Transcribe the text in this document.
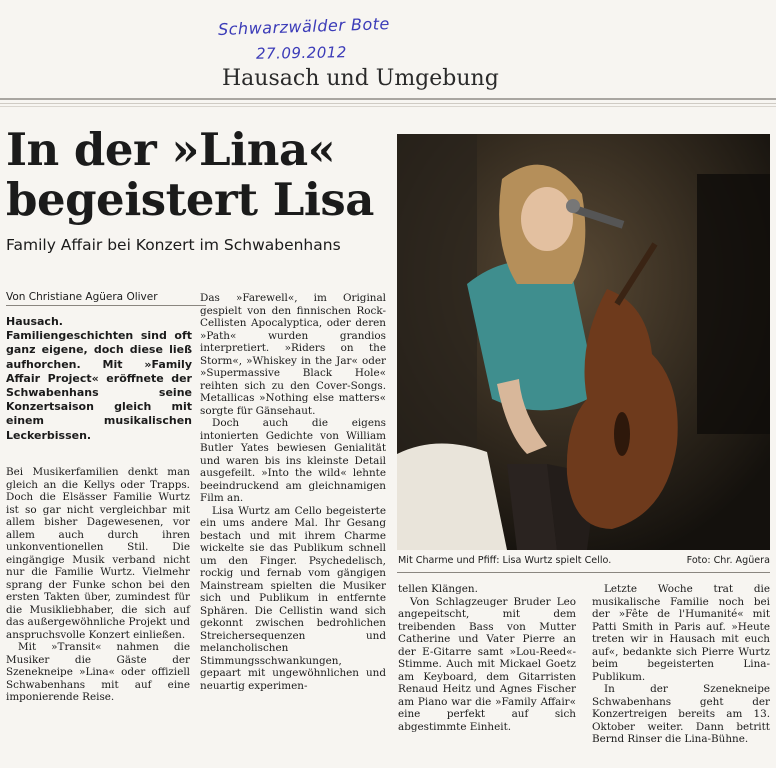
Schwarzwälder Bote
27.09.2012
Hausach und Umgebung
In der »Lina«
begeistert Lisa
Family Affair bei Konzert im Schwabenhans
Von Christiane Agüera Oliver
Hausach. Familiengeschichten sind oft ganz eigene, doch diese ließ aufhorchen. Mit »Family Affair Project« eröffnete der Schwabenhans seine Konzertsaison gleich mit einem musikalischen Leckerbissen.

Bei Musikerfamilien denkt man gleich an die Kellys oder Trapps. Doch die Elsässer Familie Wurtz ist so gar nicht vergleichbar mit allem bisher Dagewesenen, vor allem auch durch ihren unkonventionellen Stil. Die eingängige Musik verband nicht nur die Familie Wurtz. Vielmehr sprang der Funke schon bei den ersten Takten über, zumindest für die Musikliebhaber, die sich auf das außergewöhnliche Projekt und anspruchsvolle Konzert einließen.

Mit »Transit« nahmen die Musiker die Gäste der Szenekneipe »Lina« oder offiziell Schwabenhans mit auf eine imponierende Reise.

Das »Farewell«, im Original gespielt von den finnischen Rock-Cellisten Apocalyptica, oder deren »Path« wurden grandios interpretiert. »Riders on the Storm«, »Whiskey in the Jar« oder »Supermassive Black Hole« reihten sich zu den Cover-Songs. Metallicas »Nothing else matters« sorgte für Gänsehaut.

Doch auch die eigens intonierten Gedichte von William Butler Yates bewiesen Genialität und waren bis ins kleinste Detail ausgefeilt. »Into the wild« lehnte beeindruckend am gleichnamigen Film an.

Lisa Wurtz am Cello begeisterte ein ums andere Mal. Ihr Gesang bestach und mit ihrem Charme wickelte sie das Publikum schnell um den Finger. Psychedelisch, rockig und fernab vom gängigen Mainstream spielten die Musiker sich und Publikum in entfernte Sphären. Die Cellistin wand sich gekonnt zwischen bedrohlichen Streichersequenzen und melancholischen Stimmungsschwankungen, gepaart mit ungewöhnlichen und neuartig experimen-

Mit Charme und Pfiff: Lisa Wurtz spielt Cello.	Foto: Chr. Agüera

tellen Klängen.

Von Schlagzeuger Bruder Leo angepeitscht, mit dem treibenden Bass von Mutter Catherine und Vater Pierre an der E-Gitarre samt »Lou-Reed«-Stimme. Auch mit Mickael Goetz am Keyboard, dem Gitarristen Renaud Heitz und Agnes Fischer am Piano war die »Family Affair« eine perfekt auf sich abgestimmte Einheit.

Letzte Woche trat die musikalische Familie noch bei der »Fête de l'Humanité« mit Patti Smith in Paris auf. »Heute treten wir in Hausach mit euch auf«, bedankte sich Pierre Wurtz beim begeisterten Lina-Publikum.

In der Szenekneipe Schwabenhans geht der Konzertreigen bereits am 13. Oktober weiter. Dann betritt Bernd Rinser die Lina-Bühne.
